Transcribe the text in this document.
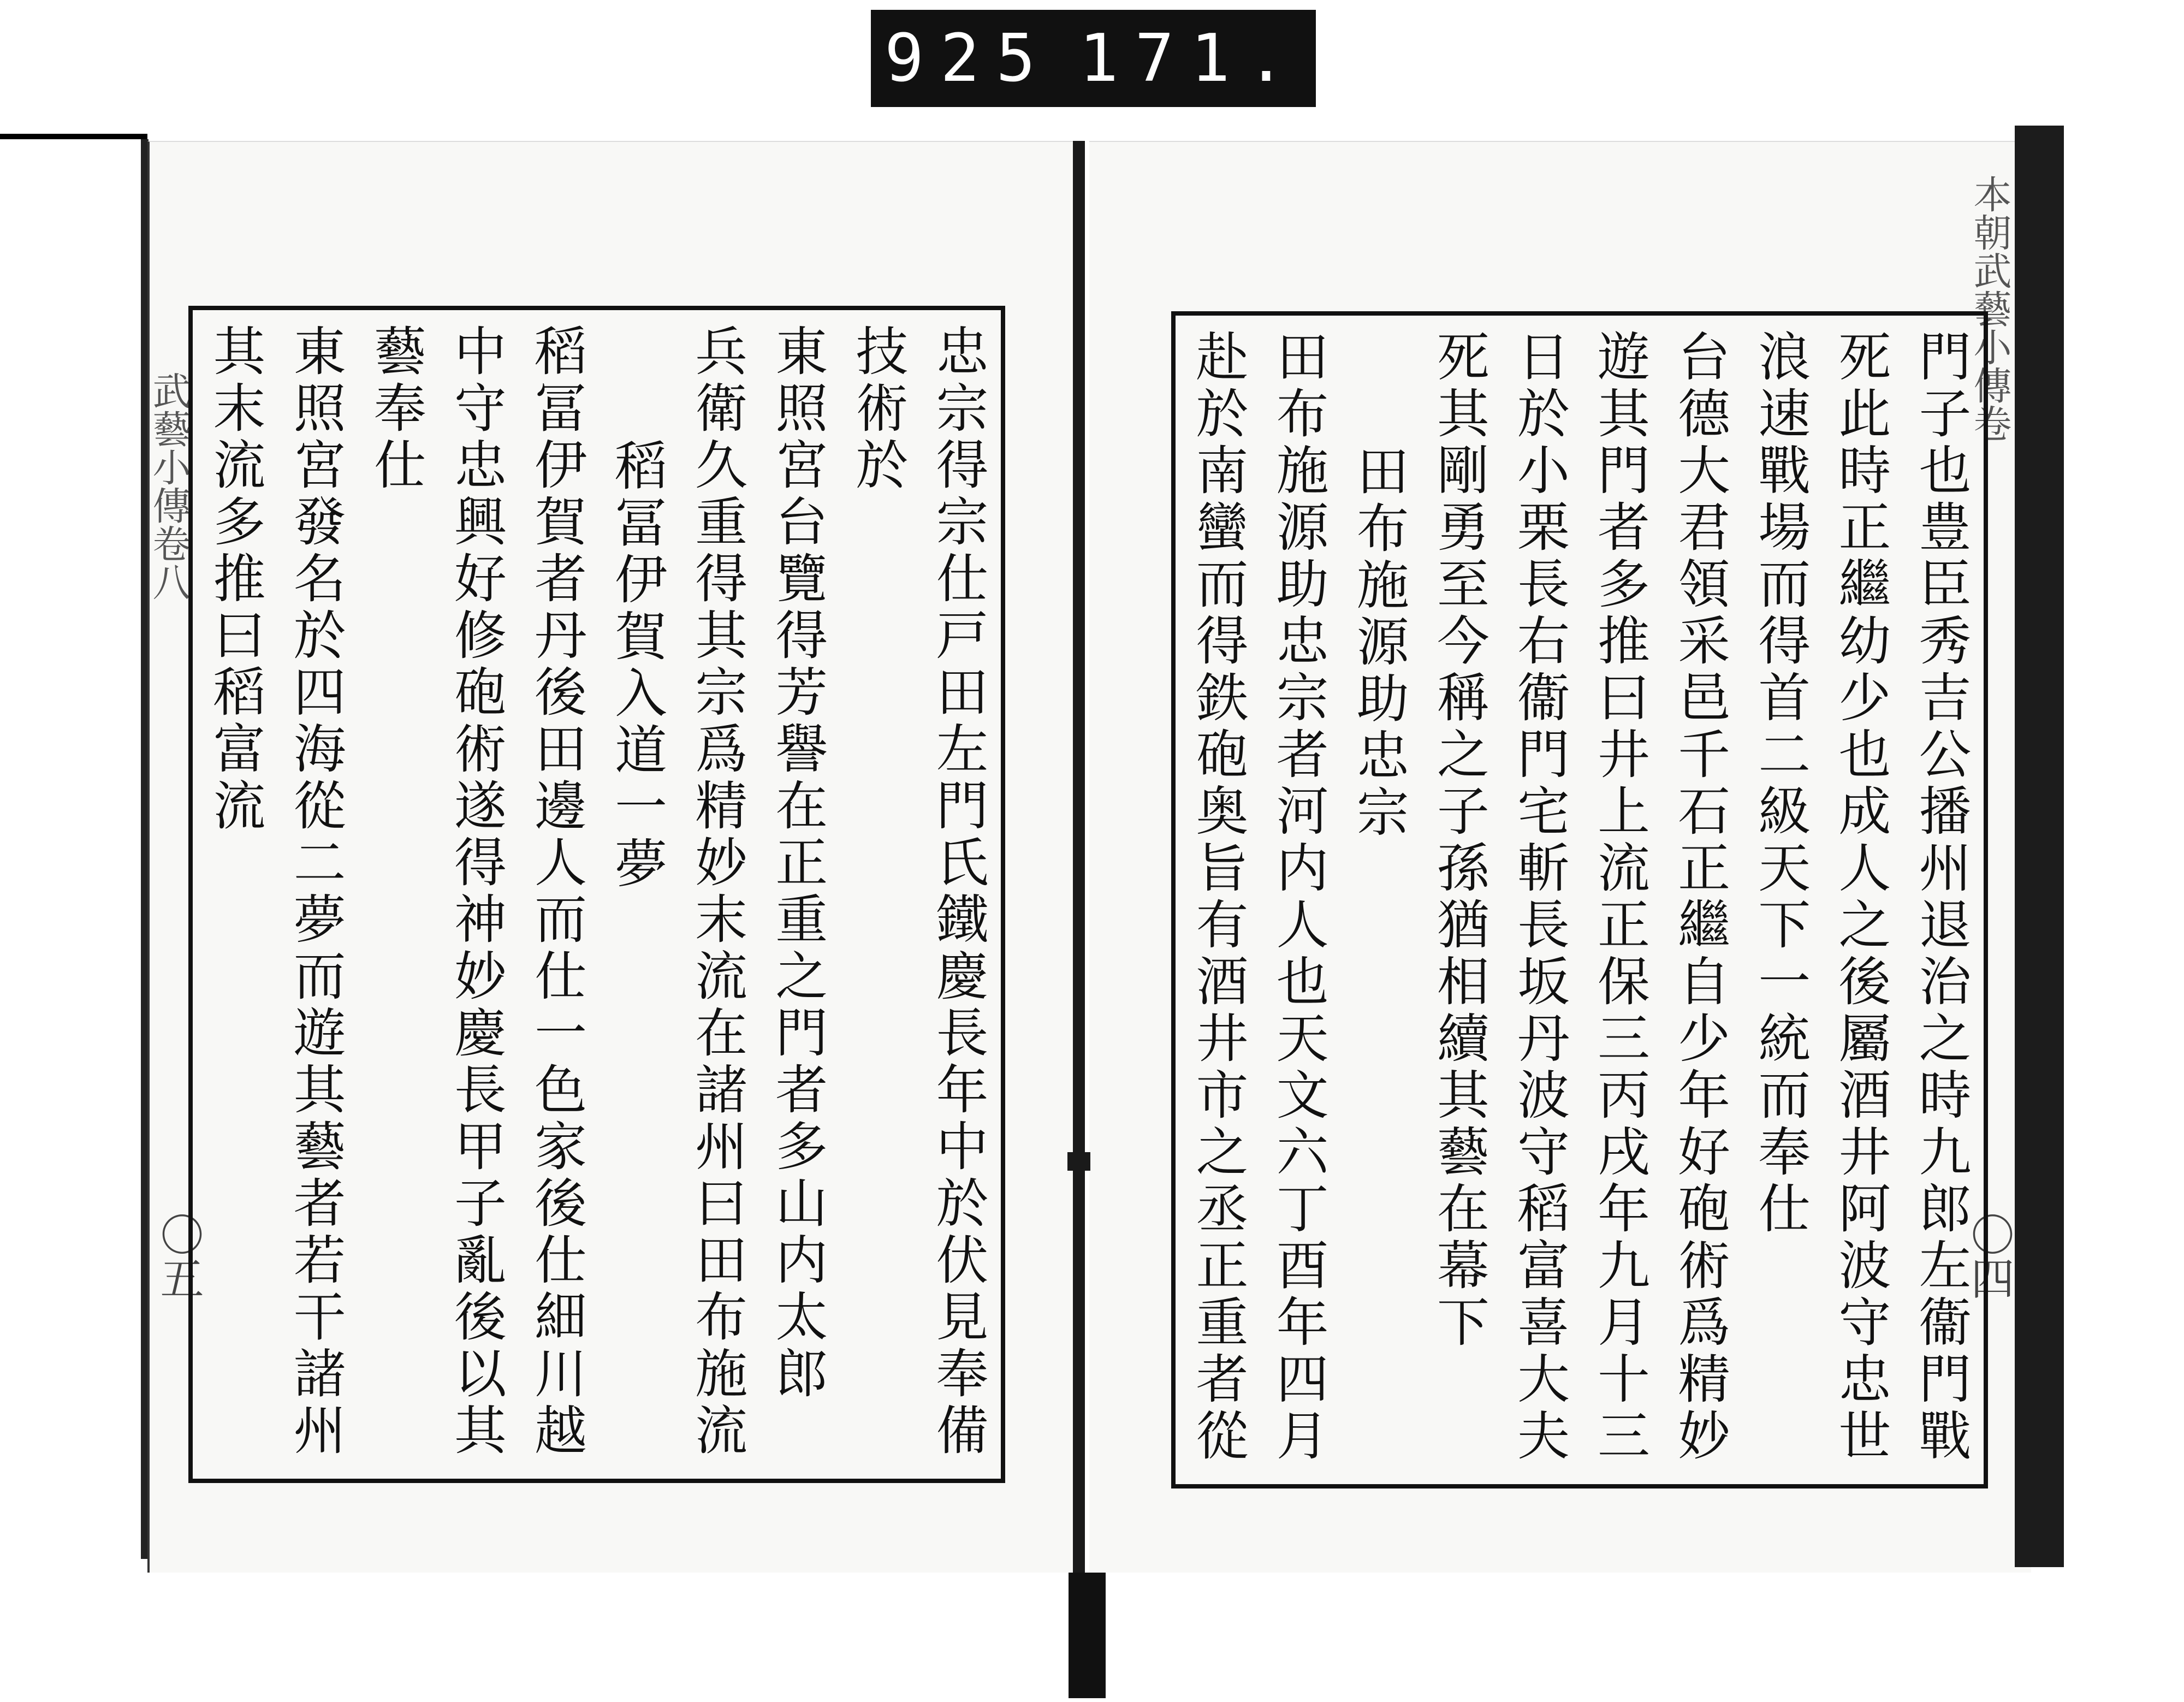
925 171.
武藝小傳卷八
〇五
本朝武藝小傳卷
〇四
忠宗得宗仕戸田左門氏鐵慶長年中於伏見奉備
技術於
東照宮台覽得芳譽在正重之門者多山内太郎
兵衛久重得其宗爲精妙末流在諸州曰田布施流
稻冨伊賀入道一夢
稻冨伊賀者丹後田邊人而仕一色家後仕細川越
中守忠興好修砲術遂得神妙慶長甲子亂後以其
藝奉仕
東照宮發名於四海從二夢而遊其藝者若干諸州
其末流多推曰稻富流	門子也豊臣秀吉公播州退治之時九郎左衞門戰
死此時正繼幼少也成人之後屬酒井阿波守忠世
浪速戰場而得首二級天下一統而奉仕
台德大君領采邑千石正繼自少年好砲術爲精妙
遊其門者多推曰井上流正保三丙戌年九月十三
日於小栗長右衞門宅斬長坂丹波守稻富喜大夫
死其剛勇至今稱之子孫猶相續其藝在幕下
田布施源助忠宗
田布施源助忠宗者河内人也天文六丁酉年四月
赴於南蠻而得鉄砲奥旨有酒井市之丞正重者從
